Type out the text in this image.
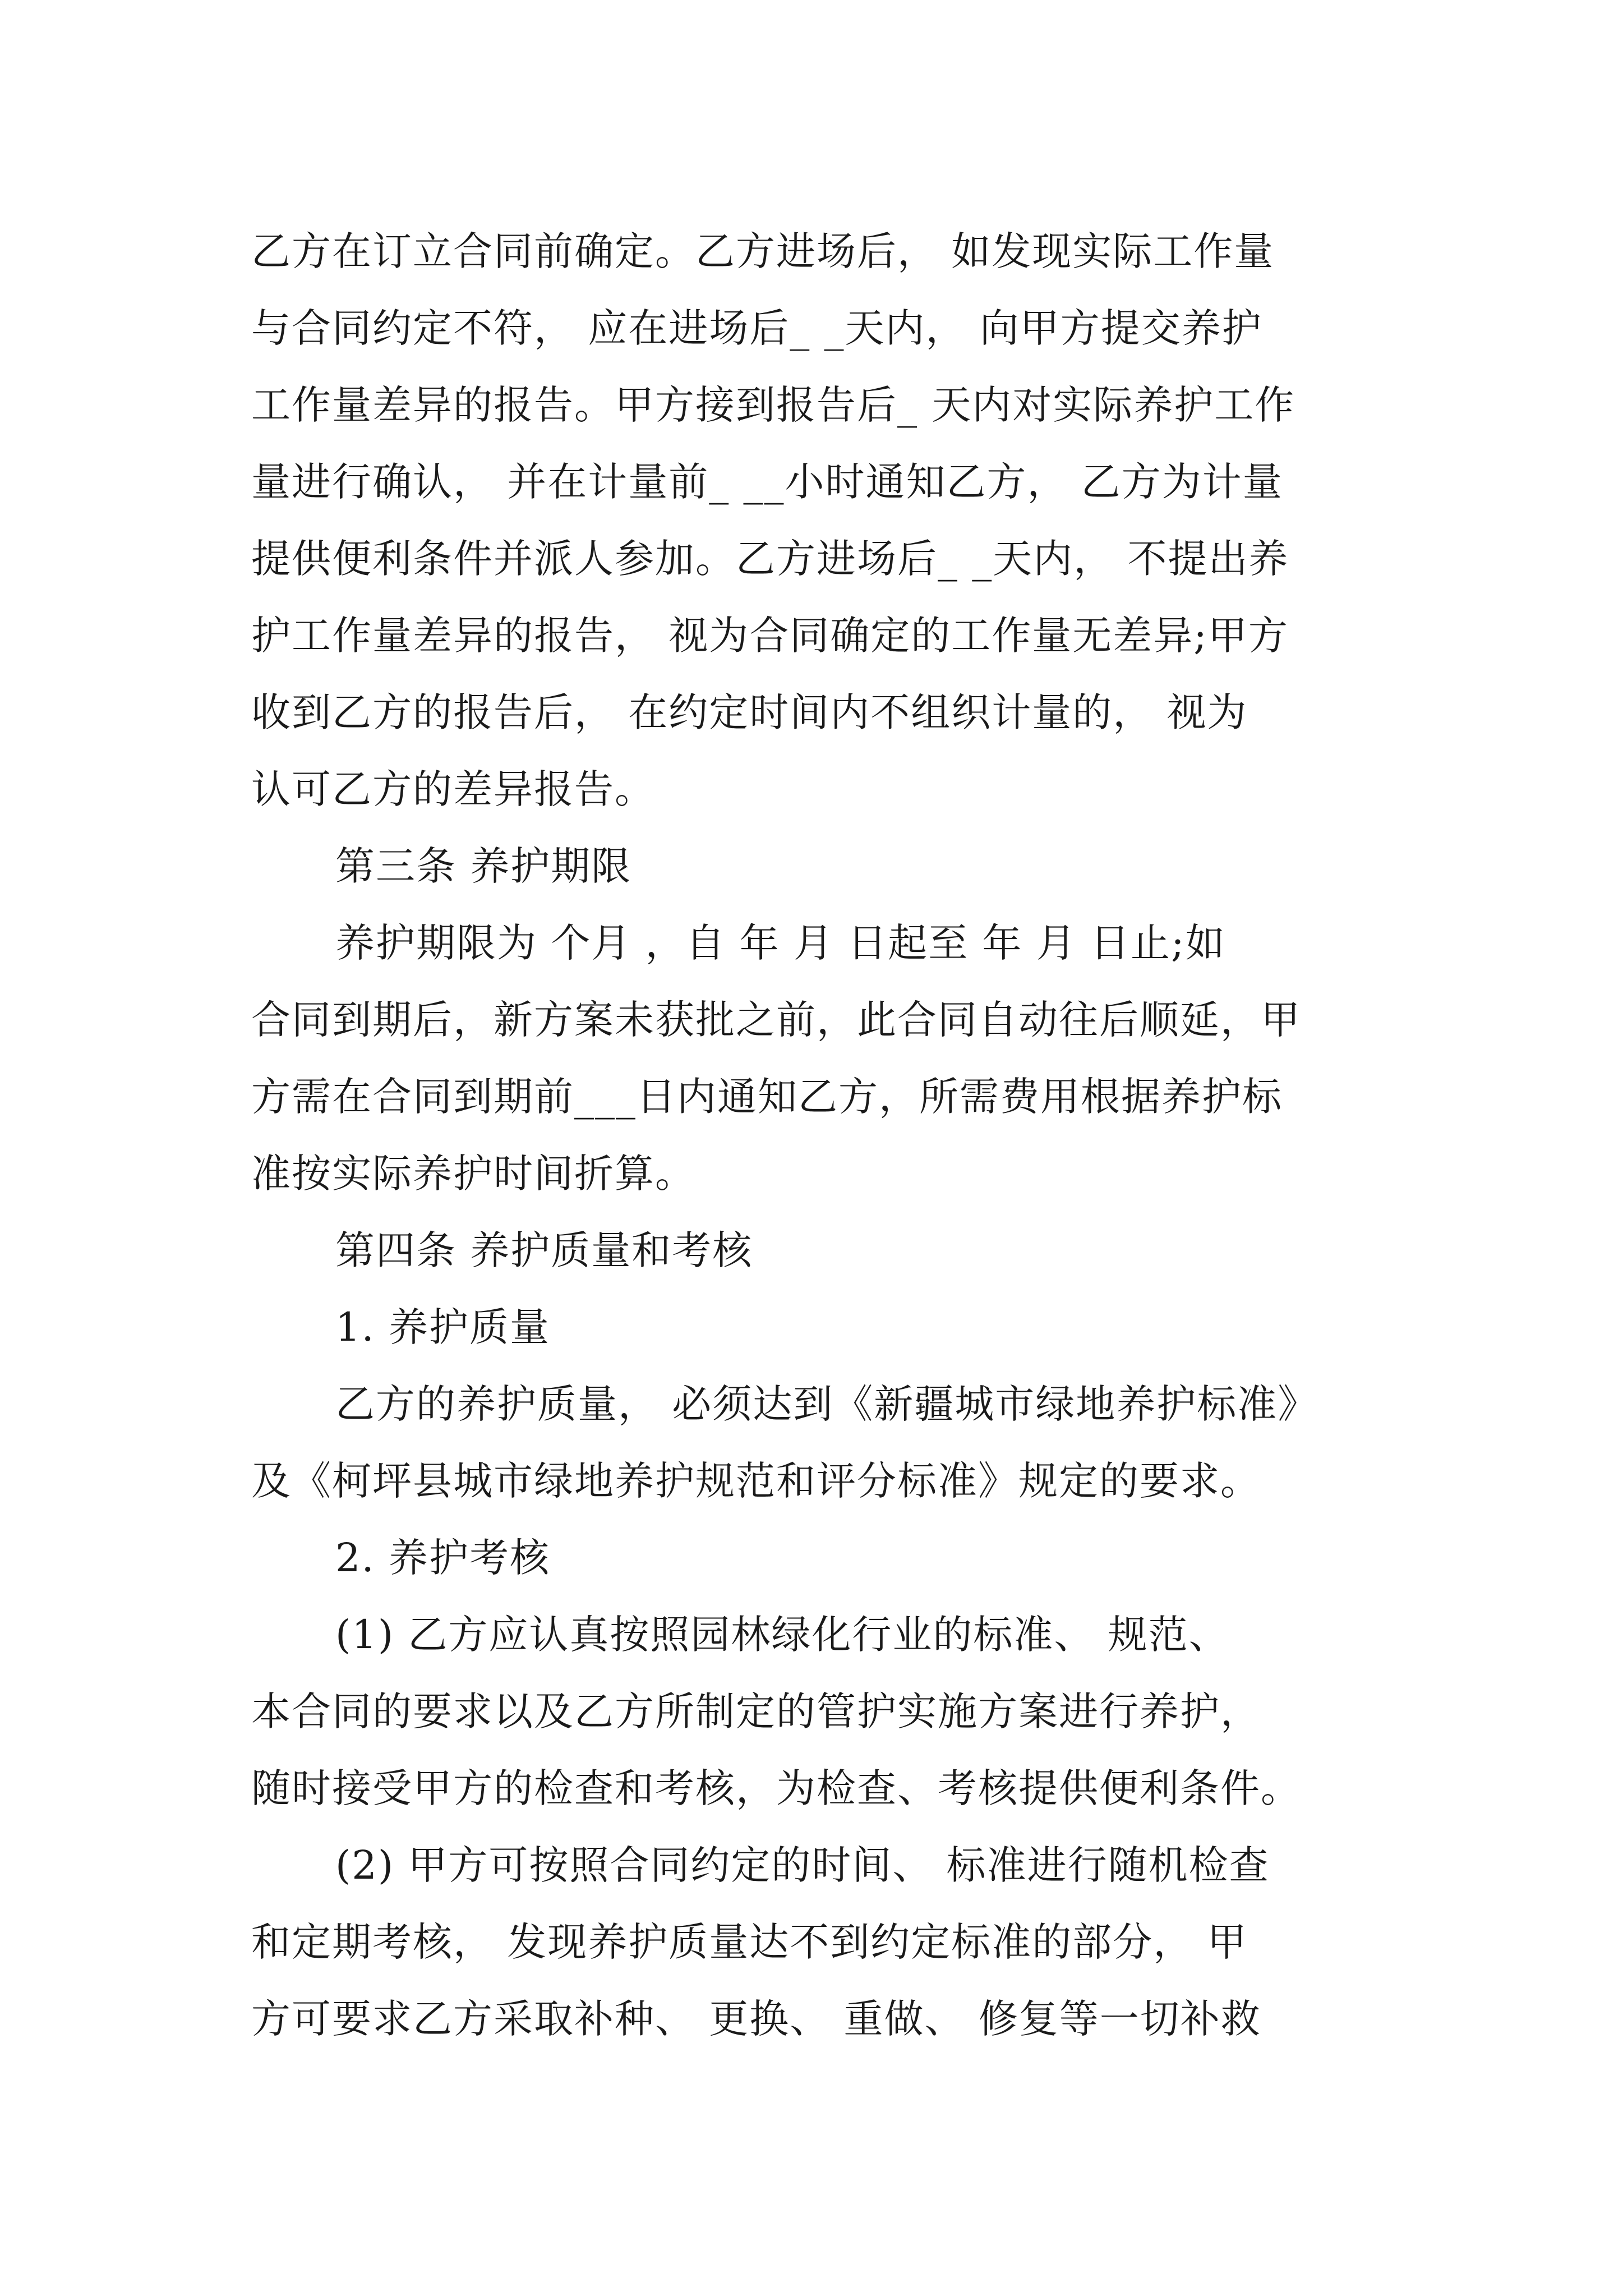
乙方在订立合同前确定。乙方进场后， 如发现实际工作量
与合同约定不符， 应在进场后_ _天内， 向甲方提交养护
工作量差异的报告。甲方接到报告后_ 天内对实际养护工作
量进行确认， 并在计量前_ __小时通知乙方， 乙方为计量
提供便利条件并派人参加。乙方进场后_ _天内， 不提出养
护工作量差异的报告， 视为合同确定的工作量无差异;甲方
收到乙方的报告后， 在约定时间内不组织计量的， 视为
认可乙方的差异报告。
第三条 养护期限
养护期限为 个月 ，自 年 月 日起至 年 月 日止;如
合同到期后，新方案未获批之前，此合同自动往后顺延，甲
方需在合同到期前___日内通知乙方，所需费用根据养护标
准按实际养护时间折算。
第四条 养护质量和考核
1. 养护质量
乙方的养护质量， 必须达到《新疆城市绿地养护标准》
及《柯坪县城市绿地养护规范和评分标准》规定的要求。
2. 养护考核
(1) 乙方应认真按照园林绿化行业的标准、 规范、
本合同的要求以及乙方所制定的管护实施方案进行养护，
随时接受甲方的检查和考核，为检查、考核提供便利条件。
(2) 甲方可按照合同约定的时间、 标准进行随机检查
和定期考核， 发现养护质量达不到约定标准的部分， 甲
方可要求乙方采取补种、 更换、 重做、 修复等一切补救
